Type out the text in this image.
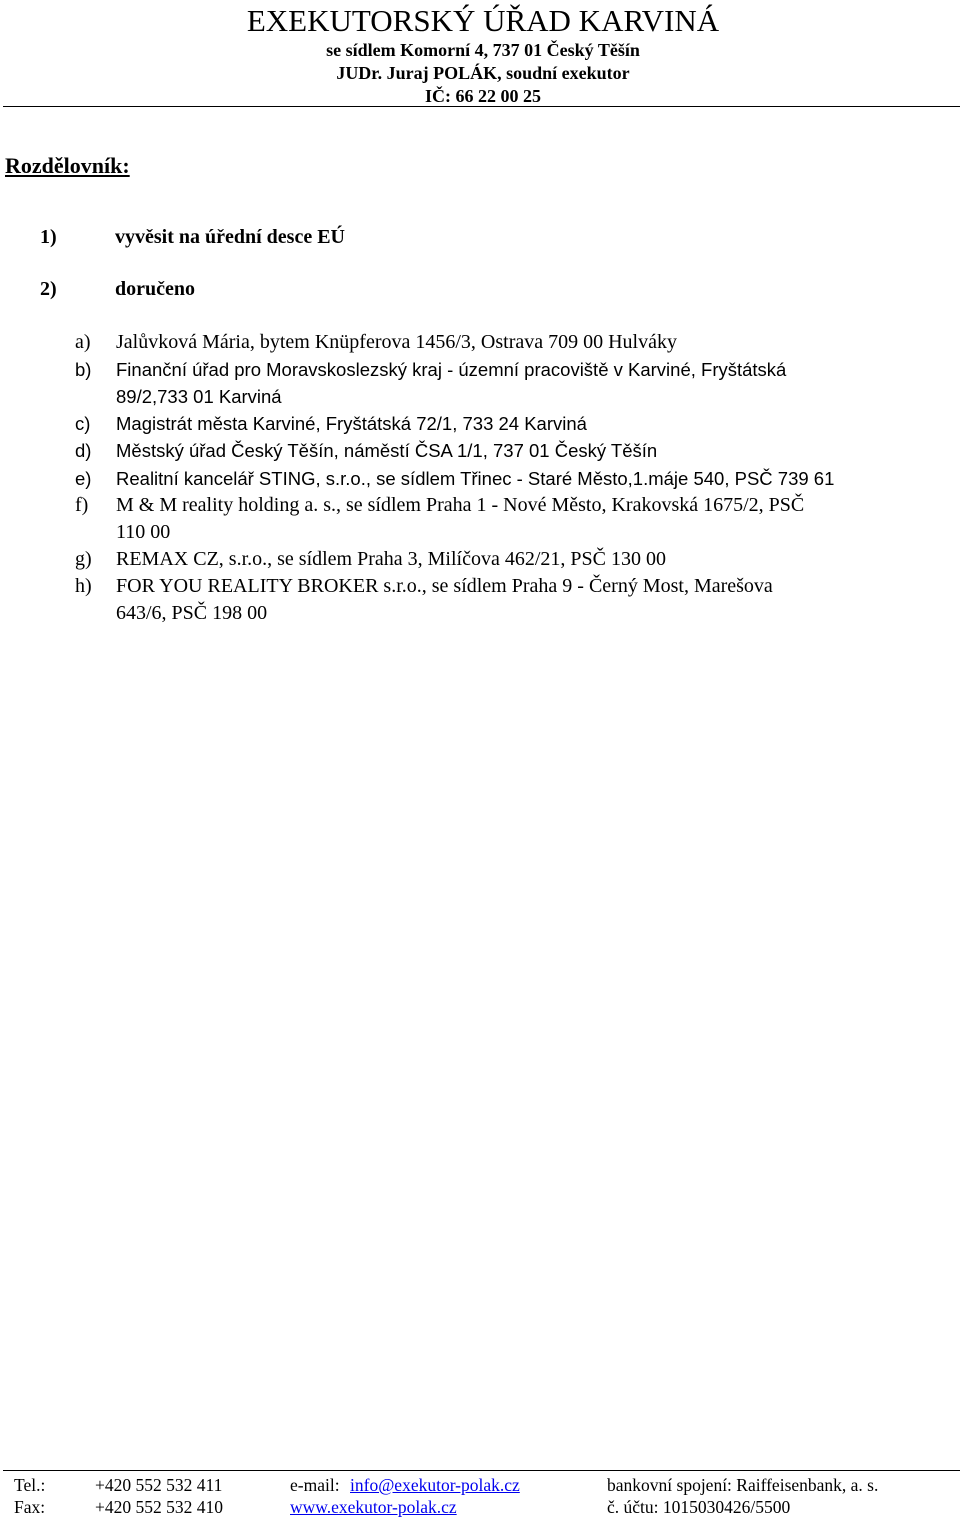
EXEKUTORSKÝ ÚŘAD KARVINÁ
se sídlem Komorní 4, 737 01 Český Těšín
JUDr. Juraj POLÁK, soudní exekutor
IČ: 66 22 00 25
Rozdělovník:
1)	vyvěsit na úřední desce EÚ
2)	doručeno
a) Jalůvková Mária, bytem Knüpferova 1456/3, Ostrava 709 00 Hulváky
b) Finanční úřad pro Moravskoslezský kraj - územní pracoviště v Karviné, Fryštátská
89/2,733 01 Karviná
c) Magistrát města Karviné, Fryštátská 72/1, 733 24 Karviná
d) Městský úřad Český Těšín, náměstí ČSA 1/1, 737 01 Český Těšín
e) Realitní kancelář STING, s.r.o., se sídlem Třinec - Staré Město,1.máje 540, PSČ 739 61
f) M & M reality holding a. s., se sídlem Praha 1 - Nové Město, Krakovská 1675/2, PSČ
110 00
g) REMAX CZ, s.r.o., se sídlem Praha 3, Milíčova 462/21, PSČ 130 00
h) FOR YOU REALITY BROKER s.r.o., se sídlem Praha 9 - Černý Most, Marešova
643/6, PSČ 198 00
Tel.:	+420 552 532 411	e-mail: info@exekutor-polak.cz	bankovní spojení: Raiffeisenbank, a. s.
Fax:	+420 552 532 410	www.exekutor-polak.cz	č. účtu: 1015030426/5500
